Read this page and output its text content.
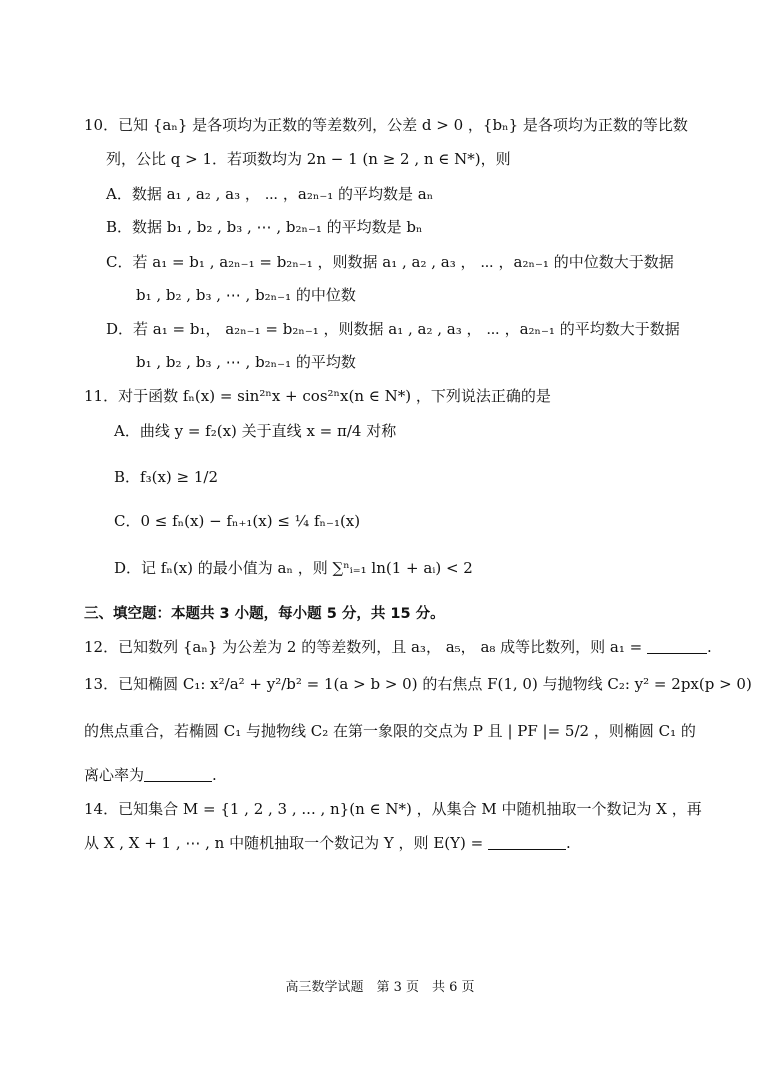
10．已知 {aₙ} 是各项均为正数的等差数列，公差 d > 0 ，{bₙ} 是各项均为正数的等比数
列，公比 q > 1．若项数均为 2n − 1 (n ≥ 2 , n ∈ N*)，则
A．数据 a₁ , a₂ , a₃ ， ⋯ ，a₂ₙ₋₁ 的平均数是 aₙ
B．数据 b₁ , b₂ , b₃ , ⋯ , b₂ₙ₋₁ 的平均数是 bₙ
C．若 a₁ = b₁ , a₂ₙ₋₁ = b₂ₙ₋₁ ，则数据 a₁ , a₂ , a₃ ， ⋯ ，a₂ₙ₋₁ 的中位数大于数据
b₁ , b₂ , b₃ , ⋯ , b₂ₙ₋₁ 的中位数
D．若 a₁ = b₁， a₂ₙ₋₁ = b₂ₙ₋₁ ，则数据 a₁ , a₂ , a₃ ， ⋯ ，a₂ₙ₋₁ 的平均数大于数据
b₁ , b₂ , b₃ , ⋯ , b₂ₙ₋₁ 的平均数
11．对于函数 fₙ(x) = sin²ⁿx + cos²ⁿx(n ∈ N*) ，下列说法正确的是
A．曲线 y = f₂(x) 关于直线 x = π/4 对称
B．f₃(x) ≥ 1/2
C．0 ≤ fₙ(x) − fₙ₊₁(x) ≤ ¼ fₙ₋₁(x)
D．记 fₙ(x) 的最小值为 aₙ ，则 ∑ⁿᵢ₌₁ ln(1 + aᵢ) < 2
三、填空题：本题共 3 小题，每小题 5 分，共 15 分。
12．已知数列 {aₙ} 为公差为 2 的等差数列，且 a₃， a₅， a₈ 成等比数列，则 a₁ =	.
13．已知椭圆 C₁: x²/a² + y²/b² = 1(a > b > 0) 的右焦点 F(1, 0) 与抛物线 C₂: y² = 2px(p > 0)
的焦点重合，若椭圆 C₁ 与抛物线 C₂ 在第一象限的交点为 P 且 | PF |= 5/2 ，则椭圆 C₁ 的
离心率为	.
14．已知集合 M = {1 , 2 , 3 , ... , n}(n ∈ N*) ，从集合 M 中随机抽取一个数记为 X ，再
从 X , X + 1 , ⋯ , n 中随机抽取一个数记为 Y ，则 E(Y) =	.
高三数学试题　第 3 页　共 6 页
